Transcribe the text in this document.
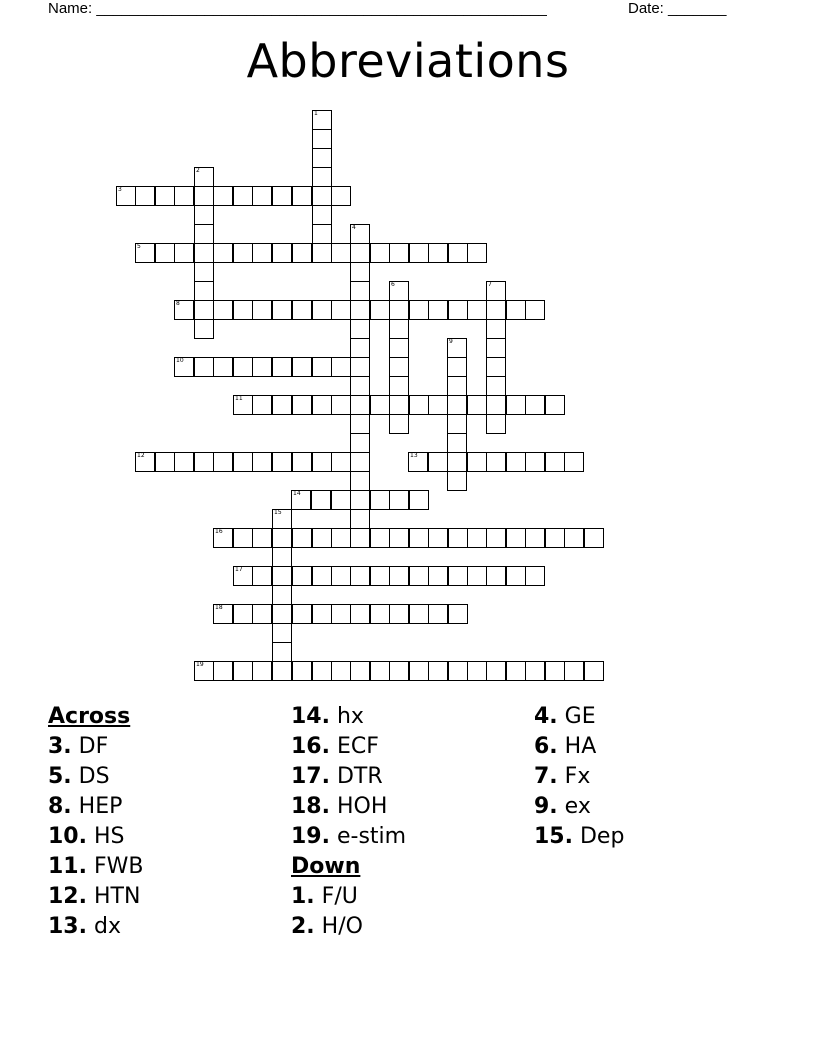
Name: ______________________________________________________	Date: _______
Abbreviations
1
2
3
4
5
6	7
8
9
10
11
12	13
14
15
16
17
18
19
Across
3. DF
5. DS
8. HEP
10. HS
11. FWB
12. HTN
13. dx
14. hx
16. ECF
17. DTR
18. HOH
19. e-stim
Down
1. F/U
2. H/O
4. GE
6. HA
7. Fx
9. ex
15. Dep
